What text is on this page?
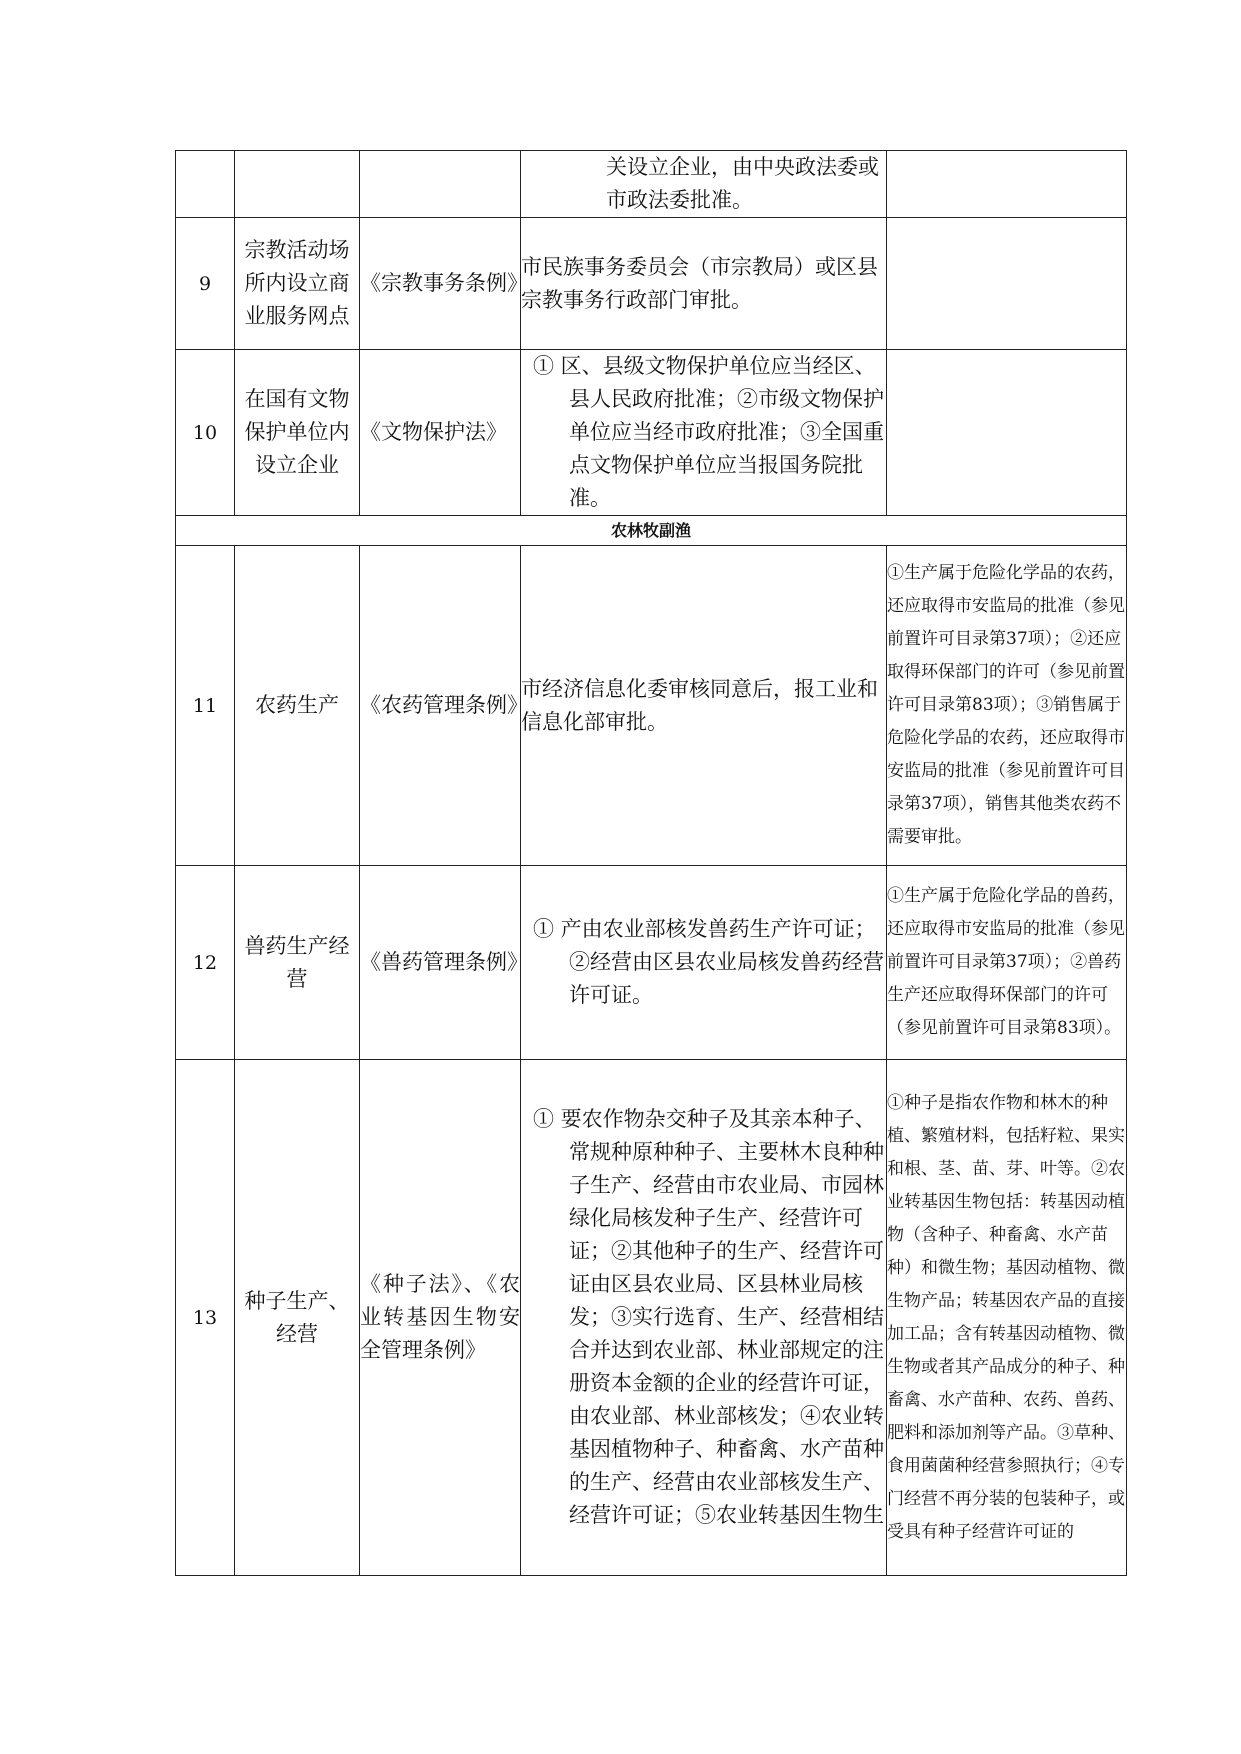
			关设立企业，由中央政法委或市政法委批准。	
9	宗教活动场所内设立商业服务网点	《宗教事务条例》	市民族事务委员会（市宗教局）或区县宗教事务行政部门审批。	
10	在国有文物保护单位内设立企业	《文物保护法》	① 区、县级文物保护单位应当经区、县人民政府批准；②市级文物保护单位应当经市政府批准；③全国重点文物保护单位应当报国务院批准。	
农林牧副渔				
11	农药生产	《农药管理条例》	市经济信息化委审核同意后，报工业和信息化部审批。	①生产属于危险化学品的农药，还应取得市安监局的批准（参见前置许可目录第37项）；②还应取得环保部门的许可（参见前置许可目录第83项）；③销售属于危险化学品的农药，还应取得市安监局的批准（参见前置许可目录第37项），销售其他类农药不需要审批。
12	兽药生产经营	《兽药管理条例》	① 产由农业部核发兽药生产许可证；②经营由区县农业局核发兽药经营许可证。	①生产属于危险化学品的兽药，还应取得市安监局的批准（参见前置许可目录第37项）；②兽药生产还应取得环保部门的许可（参见前置许可目录第83项）。
13	种子生产、经营	《种子法》、《农业转基因生物安全管理条例》	① 要农作物杂交种子及其亲本种子、常规种原种种子、主要林木良种种子生产、经营由市农业局、市园林绿化局核发种子生产、经营许可证；②其他种子的生产、经营许可证由区县农业局、区县林业局核发；③实行选育、生产、经营相结合并达到农业部、林业部规定的注册资本金额的企业的经营许可证，由农业部、林业部核发；④农业转基因植物种子、种畜禽、水产苗种的生产、经营由农业部核发生产、经营许可证；⑤农业转基因生物生	①种子是指农作物和林木的种植、繁殖材料，包括籽粒、果实和根、茎、苗、芽、叶等。②农业转基因生物包括：转基因动植物（含种子、种畜禽、水产苗种）和微生物；基因动植物、微生物产品；转基因农产品的直接加工品；含有转基因动植物、微生物或者其产品成分的种子、种畜禽、水产苗种、农药、兽药、肥料和添加剂等产品。③草种、食用菌菌种经营参照执行；④专门经营不再分装的包装种子，或受具有种子经营许可证的
